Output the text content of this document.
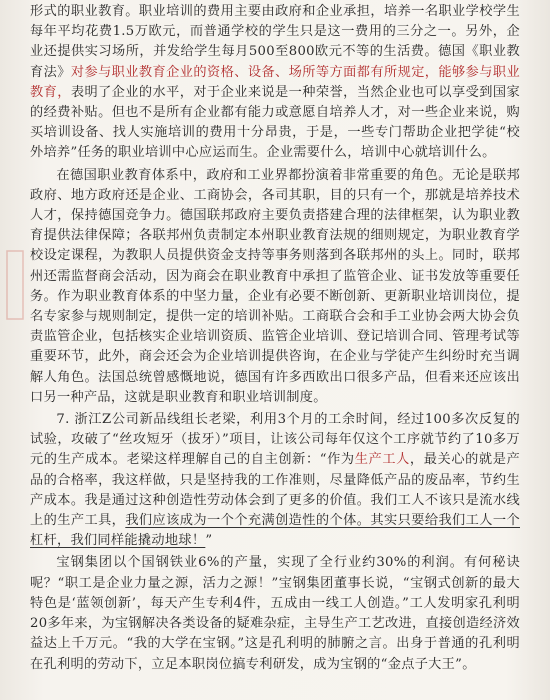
形式的职业教育。职业培训的费用主要由政府和企业承担，培养一名职业学校学生每年平均花费1.5万欧元，而普通学校的学生只是这一费用的三分之一。另外，企业还提供实习场所，并发给学生每月500至800欧元不等的生活费。德国《职业教育法》对参与职业教育企业的资格、设备、场所等方面都有所规定，能够参与职业教育，表明了企业的水平，对于企业来说是一种荣誉，当然企业也可以享受到国家的经费补贴。但也不是所有企业都有能力或意愿自培养人才，对一些企业来说，购买培训设备、找人实施培训的费用十分昂贵，于是，一些专门帮助企业把学徒“校外培养”任务的职业培训中心应运而生。企业需要什么，培训中心就培训什么。

在德国职业教育体系中，政府和工业界都扮演着非常重要的角色。无论是联邦政府、地方政府还是企业、工商协会，各司其职，目的只有一个，那就是培养技术人才，保持德国竞争力。德国联邦政府主要负责搭建合理的法律框架，认为职业教育提供法律保障；各联邦州负责制定本州职业教育法规的细则规定，为职业教育学校设定课程，为教职人员提供资金支持等事务则落到各联邦州的头上。同时，联邦州还需监督商会活动，因为商会在职业教育中承担了监管企业、证书发放等重要任务。作为职业教育体系的中坚力量，企业有必要不断创新、更新职业培训岗位，提名专家参与规则制定，提供一定的培训补贴。工商联合会和手工业协会两大协会负责监管企业，包括核实企业培训资质、监管企业培训、登记培训合同、管理考试等重要环节，此外，商会还会为企业培训提供咨询，在企业与学徒产生纠纷时充当调解人角色。法国总统曾感慨地说，德国有许多西欧出口很多产品，但看来还应该出口另一种产品，这就是职业教育和职业培训制度。

7. 浙江Z公司新品线组长老梁，利用3个月的工余时间，经过100多次反复的试验，攻破了“丝攻短牙（拔牙）”项目，让该公司每年仅这个工序就节约了10多万元的生产成本。老梁这样理解自己的自主创新：“作为生产工人，最关心的就是产品的合格率，我这样做，只是坚持我的工作准则，尽量降低产品的废品率，节约生产成本。我是通过这种创造性劳动体会到了更多的价值。我们工人不该只是流水线上的生产工具，我们应该成为一个个充满创造性的个体。其实只要给我们工人一个杠杆，我们同样能撬动地球！”

宝钢集团以个国钢铁业6%的产量，实现了全行业约30%的利润。有何秘诀呢？“职工是企业力量之源，活力之源！”宝钢集团董事长说，“宝钢式创新的最大特色是‘蓝领创新’，每天产生专利4件，五成由一线工人创造。”工人发明家孔利明20多年来，为宝钢解决各类设备的疑难杂症，主导生产工艺改进，直接创造经济效益达上千万元。“我的大学在宝钢。”这是孔利明的肺腑之言。出身于普通的孔利明在孔利明的劳动下，立足本职岗位搞专利研发，成为宝钢的“金点子大王”。
